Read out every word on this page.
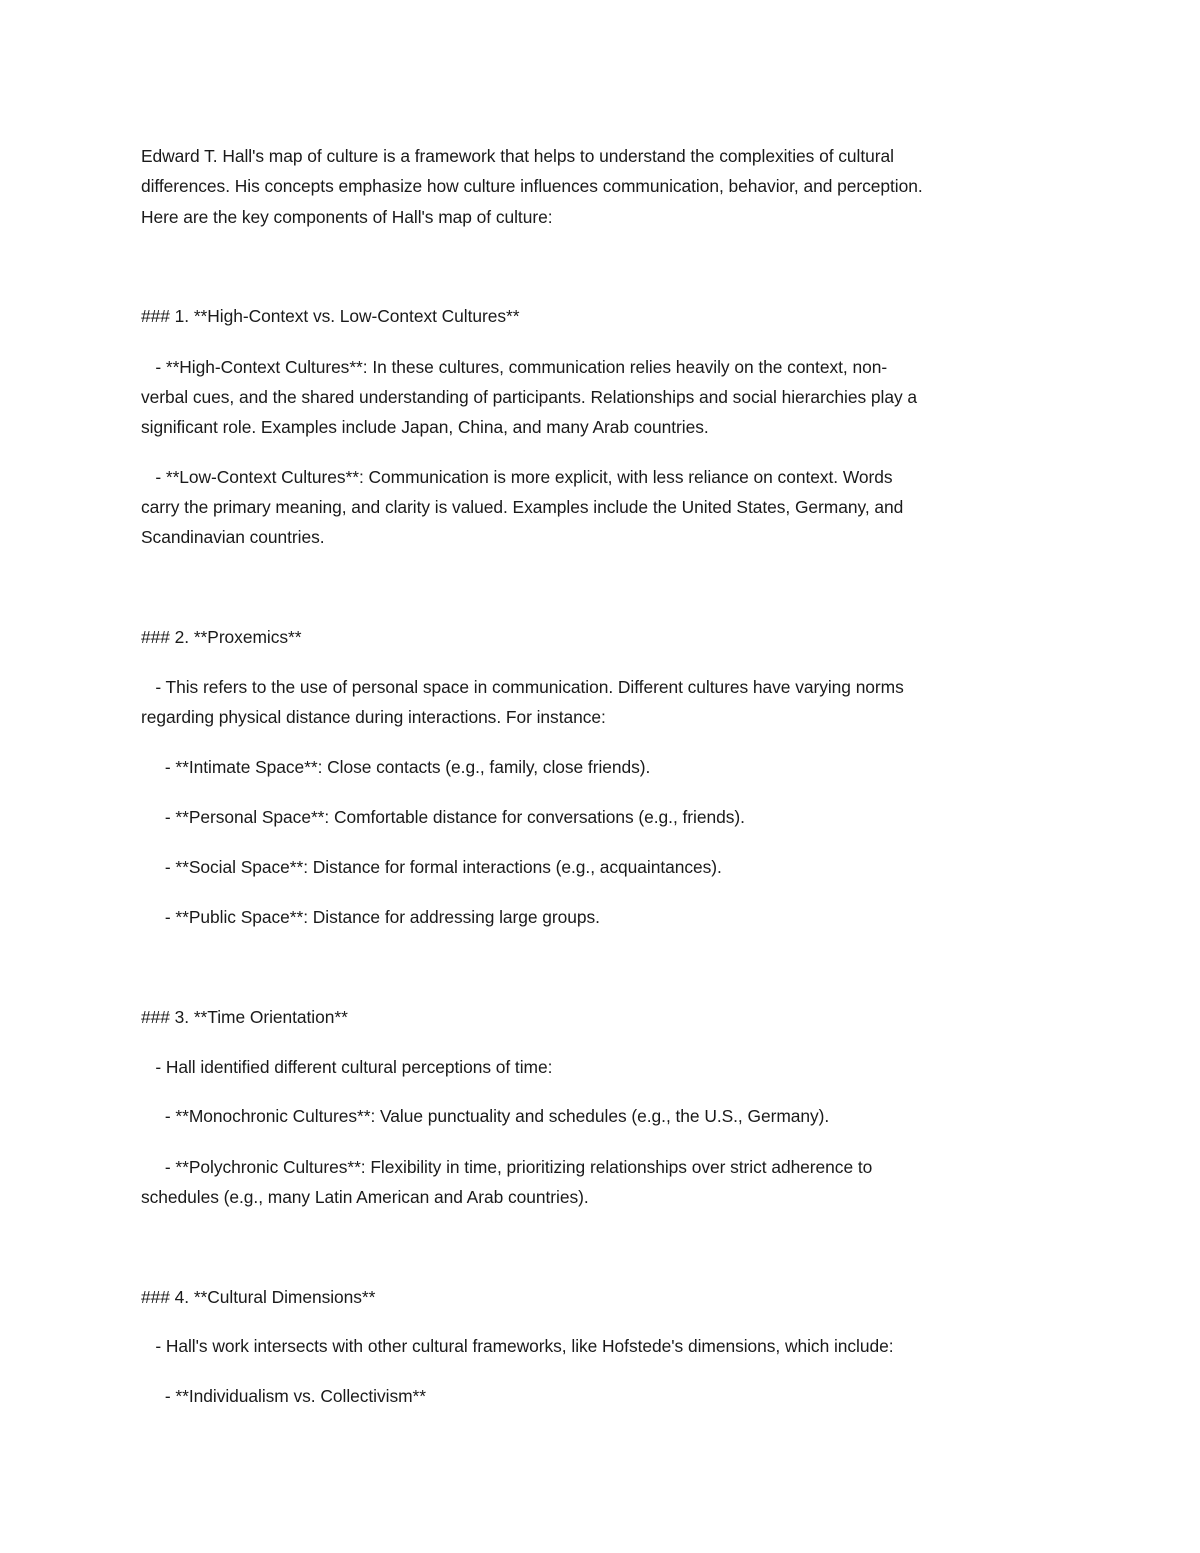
Edward T. Hall's map of culture is a framework that helps to understand the complexities of cultural
differences. His concepts emphasize how culture influences communication, behavior, and perception.
Here are the key components of Hall's map of culture:
### 1. **High-Context vs. Low-Context Cultures**
- **High-Context Cultures**: In these cultures, communication relies heavily on the context, non-
verbal cues, and the shared understanding of participants. Relationships and social hierarchies play a
significant role. Examples include Japan, China, and many Arab countries.
- **Low-Context Cultures**: Communication is more explicit, with less reliance on context. Words
carry the primary meaning, and clarity is valued. Examples include the United States, Germany, and
Scandinavian countries.
### 2. **Proxemics**
- This refers to the use of personal space in communication. Different cultures have varying norms
regarding physical distance during interactions. For instance:
- **Intimate Space**: Close contacts (e.g., family, close friends).
- **Personal Space**: Comfortable distance for conversations (e.g., friends).
- **Social Space**: Distance for formal interactions (e.g., acquaintances).
- **Public Space**: Distance for addressing large groups.
### 3. **Time Orientation**
- Hall identified different cultural perceptions of time:
- **Monochronic Cultures**: Value punctuality and schedules (e.g., the U.S., Germany).
- **Polychronic Cultures**: Flexibility in time, prioritizing relationships over strict adherence to
schedules (e.g., many Latin American and Arab countries).
### 4. **Cultural Dimensions**
- Hall's work intersects with other cultural frameworks, like Hofstede's dimensions, which include:
- **Individualism vs. Collectivism**
